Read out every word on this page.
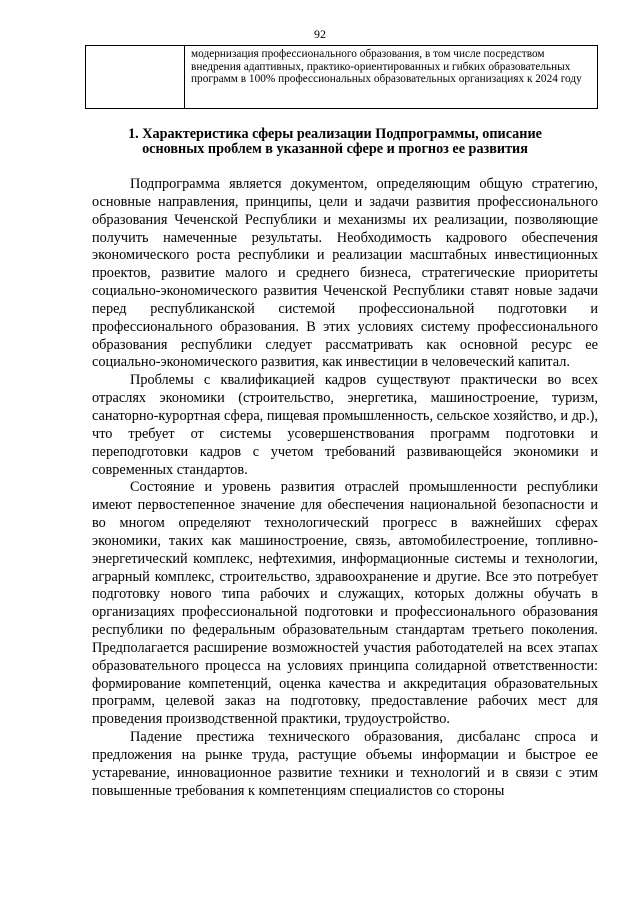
92
	модернизация профессионального образования, в том числе посредством внедрения адаптивных, практико-ориентированных и гибких образовательных программ в 100% профессиональных образовательных организациях к 2024 году
1. Характеристика сферы реализации Подпрограммы, описание
основных проблем в указанной сфере и прогноз ее развития

Подпрограмма является документом, определяющим общую стратегию, основные направления, принципы, цели и задачи развития профессионального образования Чеченской Республики и механизмы их реализации, позволяющие получить намеченные результаты. Необходимость кадрового обеспечения экономического роста республики и реализации масштабных инвестиционных проектов, развитие малого и среднего бизнеса, стратегические приоритеты социально-экономического развития Чеченской Республики ставят новые задачи перед республиканской системой профессиональной подготовки и профессионального образования. В этих условиях систему профессионального образования республики следует рассматривать как основной ресурс ее социально-экономического развития, как инвестиции в человеческий капитал.

Проблемы с квалификацией кадров существуют практически во всех отраслях экономики (строительство, энергетика, машиностроение, туризм, санаторно-курортная сфера, пищевая промышленность, сельское хозяйство, и др.), что требует от системы усовершенствования программ подготовки и переподготовки кадров с учетом требований развивающейся экономики и современных стандартов.

Состояние и уровень развития отраслей промышленности республики имеют первостепенное значение для обеспечения национальной безопасности и во многом определяют технологический прогресс в важнейших сферах экономики, таких как машиностроение, связь, автомобилестроение, топливно-энергетический комплекс, нефтехимия, информационные системы и технологии, аграрный комплекс, строительство, здравоохранение и другие. Все это потребует подготовку нового типа рабочих и служащих, которых должны обучать в организациях профессиональной подготовки и профессионального образования республики по федеральным образовательным стандартам третьего поколения. Предполагается расширение возможностей участия работодателей на всех этапах образовательного процесса на условиях принципа солидарной ответственности: формирование компетенций, оценка качества и аккредитация образовательных программ, целевой заказ на подготовку, предоставление рабочих мест для проведения производственной практики, трудоустройство.

Падение престижа технического образования, дисбаланс спроса и предложения на рынке труда, растущие объемы информации и быстрое ее устаревание, инновационное развитие техники и технологий и в связи с этим повышенные требования к компетенциям специалистов со стороны
